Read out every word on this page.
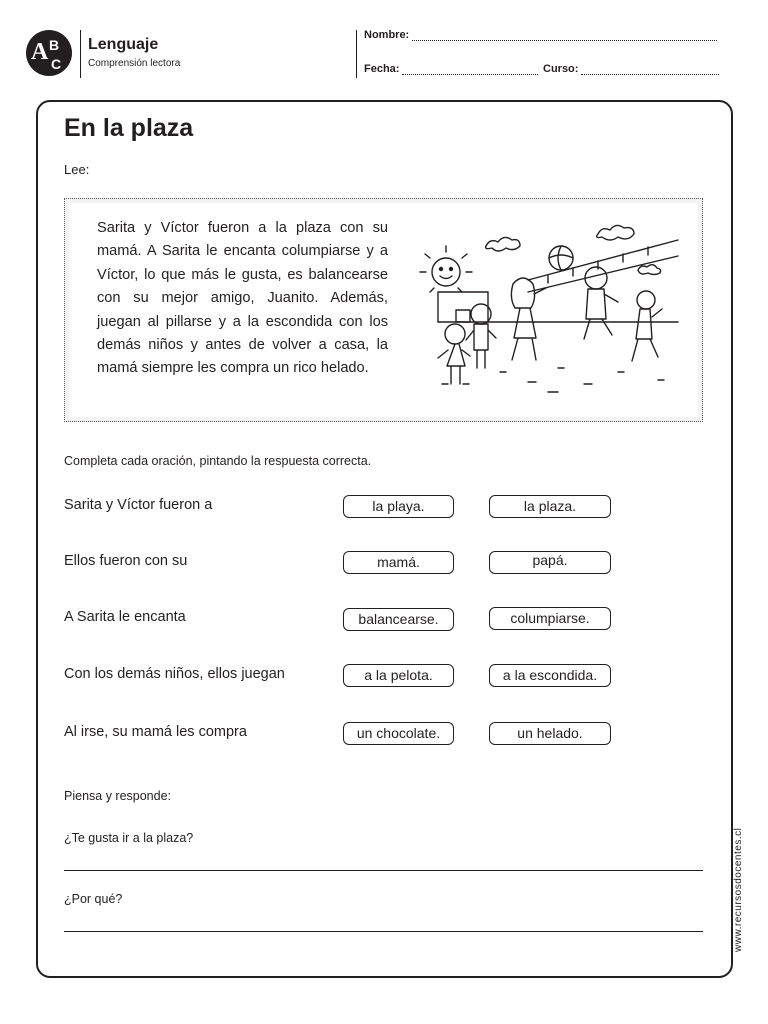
A B
C
Lenguaje
Comprensión lectora
Nombre:
Fecha:	Curso:
En la plaza
Lee:
Sarita y Víctor fueron a la plaza con su mamá. A Sarita le encanta columpiarse y a Víctor, lo que más le gusta, es balancearse con su mejor amigo, Juanito. Además, juegan al pillarse y a la escondida con los demás niños y antes de volver a casa, la mamá siempre les compra un rico helado.
Completa cada oración, pintando la respuesta correcta.
Sarita y Víctor fueron a	la playa.	la plaza.
Ellos fueron con su	mamá.	papá.
A Sarita le encanta	balancearse.	columpiarse.
Con los demás niños, ellos juegan	a la pelota.	a la escondida.
Al irse, su mamá les compra	un chocolate.	un helado.
Piensa y responde:
¿Te gusta ir a la plaza?
¿Por qué?	www.recursosdocentes.cl
